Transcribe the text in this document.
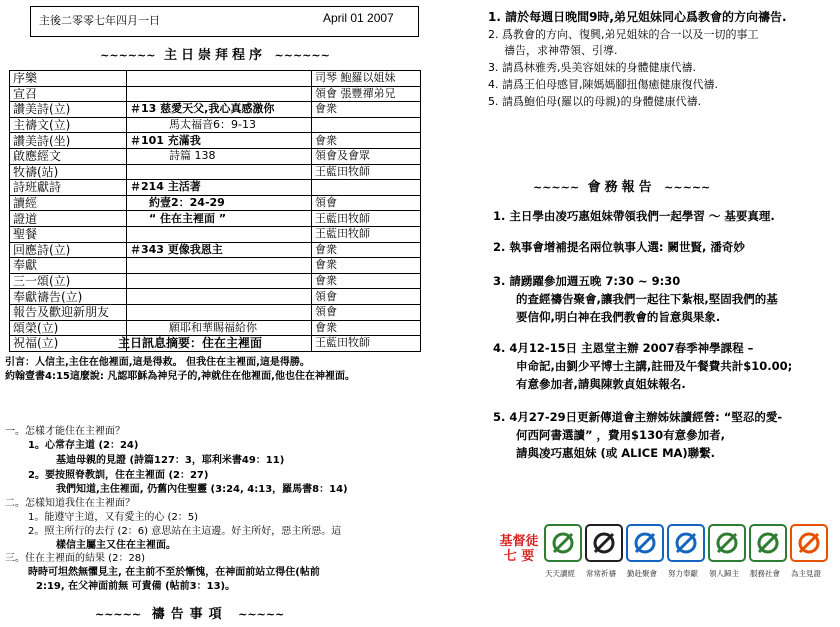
主後二零零七年四月一日	April 01 2007
~~~~~~ 主日崇拜程序 ~~~~~~
序樂		司琴 鮑羅以姐妹
宣召		領會 張豐禪弟兄
讚美詩(立)	＃13 慈愛天父,我心真感激你	會衆
主禱文(立)	馬太福音6：9-13	
讚美詩(坐)	＃101 充滿我	會衆
啟應經文	詩篇 138	領會及會眾
牧禱(站)		王藍田牧師
詩班獻詩	＃214 主活著	
讀經	約壹2：24-29	領會
證道	“ 住在主裡面 ”	王藍田牧師
聖餐		王藍田牧師
回應詩(立)	＃343 更像我恩主	會衆
奉獻		會衆
三一頌(立)		會衆
奉獻禱告(立)		領會
報告及歡迎新朋友		領會
頌榮(立)	願耶和華賜福給你	會衆
祝福(立)		王藍田牧師
主日訊息摘要：住在主裡面
引言：人信主,主住在他裡面,這是得救。 但我住在主裡面,這是得勝。
約翰壹書4:15這麼說: 凡認耶穌為神兒子的,神就住在他裡面,他也住在神裡面。
一。怎樣才能住在主裡面？
1。心常存主道 (2：24)
基迪母親的見證 (詩篇127：3，耶利米書49：11)
2。要按照脊教訓，住在主裡面 (2：27)
我們知道,主住裡面, 仍舊內住聖靈 (3:24, 4:13，羅馬書8：14)
二。怎樣知道我住在主裡面？
1。能遵守主道，又有愛主的心 (2：5)
2。照主所行的去行 (2：6) 意思站在主這邊。好主所好，惡主所惡。這
樣信主屬主又住在主裡面。
三。住在主裡面的結果 (2：28)
時時可坦然無懼見主, 在主前不至於慚愧，在神面前站立得住(帖前
2:19, 在父神面前無 可責備 (帖前3：13)。
~~~~~ 禱告事項 ~~~~~
1. 請於每週日晚間9時,弟兄姐妹同心爲教會的方向禱告.
2. 爲教會的方向、復興,弟兄姐妹的合一以及一切的事工
禱告，求神帶領、引導.
3. 請爲林雅秀,吳美容姐妹的身體健康代禱.
4. 請爲王伯母感冒,陳媽媽腳扭傷癒健康復代禱.
5. 請爲鮑伯母(羅以的母親)的身體健康代禱.
~~~~~ 會務報告 ~~~~~
1. 主日學由凌巧惠姐妹帶領我們一起學習 ～ 基要真理.
2. 執事會增補提名兩位執事人選: 闕世賢, 潘奇妙
3. 請踴躍參加週五晚 7:30 ~ 9:30
的查經禱告聚會,讓我們一起往下紮根,堅固我們的基
要信仰,明白神在我們教會的旨意與果象.
4. 4月12-15日 主恩堂主辦 2007春季神學課程 –
申命記,由劉少平博士主講,註冊及午餐費共計$10.00;
有意參加者,請與陳敦貞姐妹報名.
5. 4月27-29日更新傳道會主辦姊妹讀經營: “堅忍的愛-
何西阿書選讀” ，費用$130有意參加者,
請與凌巧惠姐妹 (或 ALICE MA)聯繫.
基督徒
七 要
天天讀經 常常祈禱 勤赴聚會 努力奉獻 領人歸主 服務社會 為主見證
